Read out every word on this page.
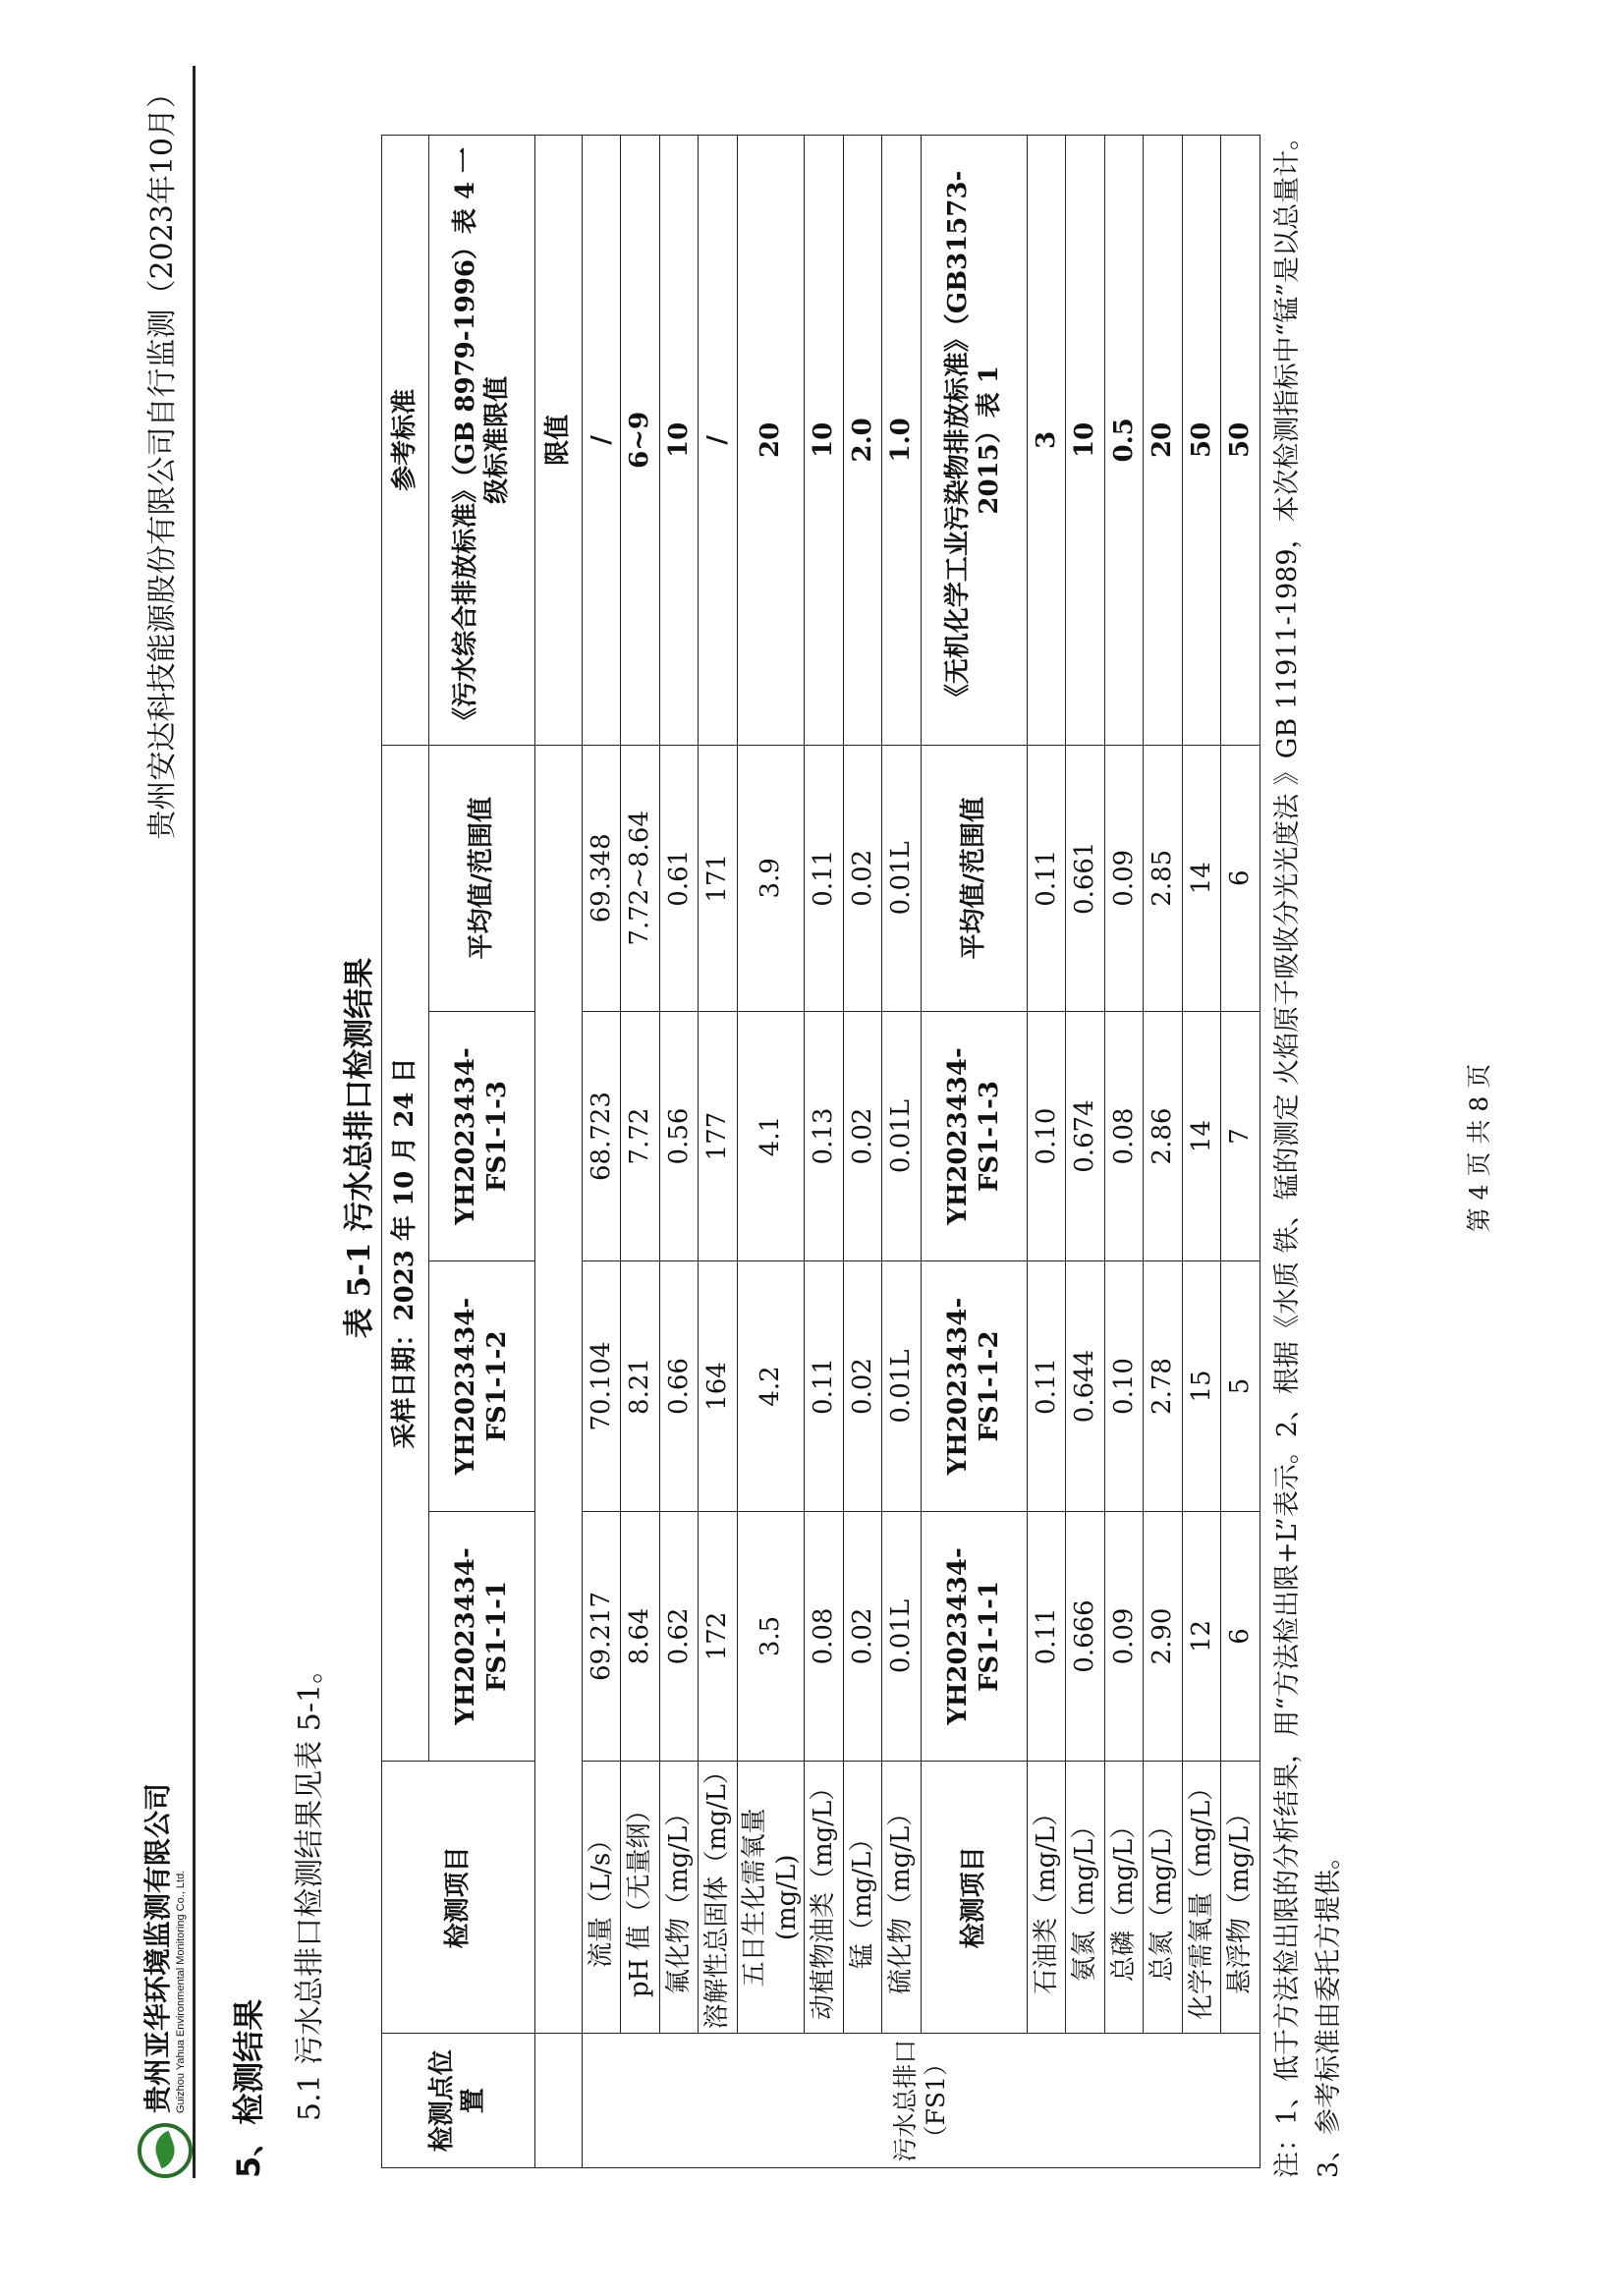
贵州亚华环境监测有限公司 Guizhou Yahua Environmental Monitoring Co., Ltd.
贵州安达科技能源股份有限公司自行监测（2023年10月）
5、检测结果 5.1 污水总排口检测结果见表 5-1。
表 5-1 污水总排口检测结果
检测点位置	检测项目	采样日期：2023 年 10 月 24 日				参考标准
		YH2023434-FS1-1-1	YH2023434-FS1-1-2	YH2023434-FS1-1-3	平均值/范围值	《污水综合排放标准》（GB 8979-1996）表 4 一级标准限值
						限值
污水总排口（FS1）	流量（L/s）	69.217	70.104	68.723	69.348	/
	pH 值（无量纲）	8.64	8.21	7.72	7.72~8.64	6~9
	氟化物（mg/L）	0.62	0.66	0.56	0.61	10
	溶解性总固体（mg/L）	172	164	177	171	/
	五日生化需氧量(mg/L)	3.5	4.2	4.1	3.9	20
	动植物油类（mg/L）	0.08	0.11	0.13	0.11	10
	锰（mg/L）	0.02	0.02	0.02	0.02	2.0
	硫化物（mg/L）	0.01L	0.01L	0.01L	0.01L	1.0
	检测项目	YH2023434-FS1-1-1	YH2023434-FS1-1-2	YH2023434-FS1-1-3	平均值/范围值	《无机化学工业污染物排放标准》（GB31573-2015）表 1
	石油类（mg/L）	0.11	0.11	0.10	0.11	3
	氨氮（mg/L）	0.666	0.644	0.674	0.661	10
	总磷（mg/L）	0.09	0.10	0.08	0.09	0.5
	总氮（mg/L）	2.90	2.78	2.86	2.85	20
	化学需氧量（mg/L）	12	15	14	14	50
	悬浮物（mg/L）	6	5	7	6	50 注：1、低于方法检出限的分析结果，用“方法检出限+L”表示。2、根据《水质 铁、锰的测定 火焰原子吸收分光光度法 》GB 11911-1989，本次检测指标中“锰”是以总量计。3、参考标准由委托方提供。
第 4 页 共 8 页
